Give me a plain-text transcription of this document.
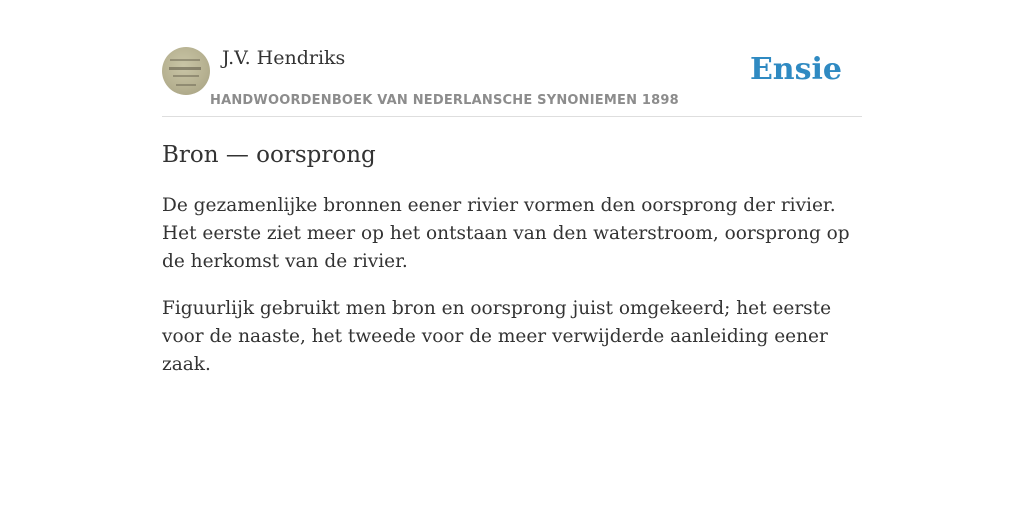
J.V. Hendriks
HANDWOORDENBOEK VAN NEDERLANSCHE SYNONIEMEN 1898
Ensie
Bron — oorsprong

De gezamenlijke bronnen eener rivier vormen den oorsprong der rivier. Het eerste ziet meer op het ontstaan van den waterstroom, oorsprong op de herkomst van de rivier.

Figuurlijk gebruikt men bron en oorsprong juist omgekeerd; het eerste voor de naaste, het tweede voor de meer verwijderde aanleiding eener zaak.
